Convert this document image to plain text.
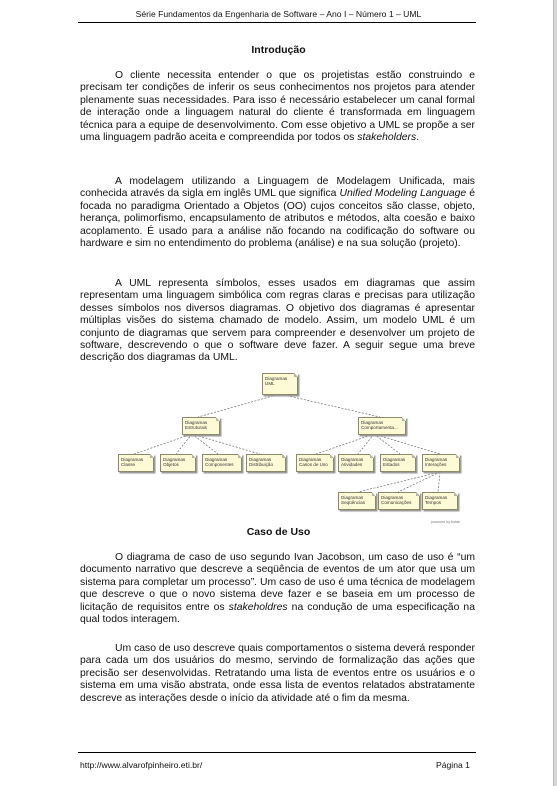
Série Fundamentos da Engenharia de Software – Ano I – Número 1 – UML
Introdução

O cliente necessita entender o que os projetistas estão construindo e precisam ter condições de inferir os seus conhecimentos nos projetos para atender plenamente suas necessidades. Para isso é necessário estabelecer um canal formal de interação onde a linguagem natural do cliente é transformada em linguagem técnica para a equipe de desenvolvimento. Com esse objetivo a UML se propõe a ser uma linguagem padrão aceita e compreendida por todos os stakeholders.

A modelagem utilizando a Linguagem de Modelagem Unificada, mais conhecida através da sigla em inglês UML que significa Unified Modeling Language é focada no paradigma Orientado a Objetos (OO) cujos conceitos são classe, objeto, herança, polimorfismo, encapsulamento de atributos e métodos, alta coesão e baixo acoplamento. É usado para a análise não focando na codificação do software ou hardware e sim no entendimento do problema (análise) e na sua solução (projeto).

A UML representa símbolos, esses usados em diagramas que assim representam uma linguagem simbólica com regras claras e precisas para utilização desses símbolos nos diversos diagramas. O objetivo dos diagramas é apresentar múltiplas visões do sistema chamado de modelo. Assim, um modelo UML é um conjunto de diagramas que servem para compreender e desenvolver um projeto de software, descrevendo o que o software deve fazer. A seguir segue uma breve descrição dos diagramas da UML.

Diagramas UML
Diagramas Estruturais
Diagramas Comportamenta...
Diagramas Classe
Diagramas Objetos
Diagramas Componentes
Diagramas Distribuição
Diagramas Casos de Uso
Diagramas Atividades
Diagramas Estados
Diagramas Interações
Diagramas Seqüências
Diagramas Comunicações
Diagramas Tempos
powered by Astah
Caso de Uso

O diagrama de caso de uso segundo Ivan Jacobson, um caso de uso é “um documento narrativo que descreve a seqüência de eventos de um ator que usa um sistema para completar um processo”. Um caso de uso é uma técnica de modelagem que descreve o que o novo sistema deve fazer e se baseia em um processo de licitação de requisitos entre os stakeholdres na condução de uma especificação na qual todos interagem.

Um caso de uso descreve quais comportamentos o sistema deverá responder para cada um dos usuários do mesmo, servindo de formalização das ações que precisão ser desenvolvidas. Retratando uma lista de eventos entre os usuários e o sistema em uma visão abstrata, onde essa lista de eventos relatados abstratamente descreve as interações desde o início da atividade até o fim da mesma.

http://www.alvarofpinheiro.eti.br/	Página 1
